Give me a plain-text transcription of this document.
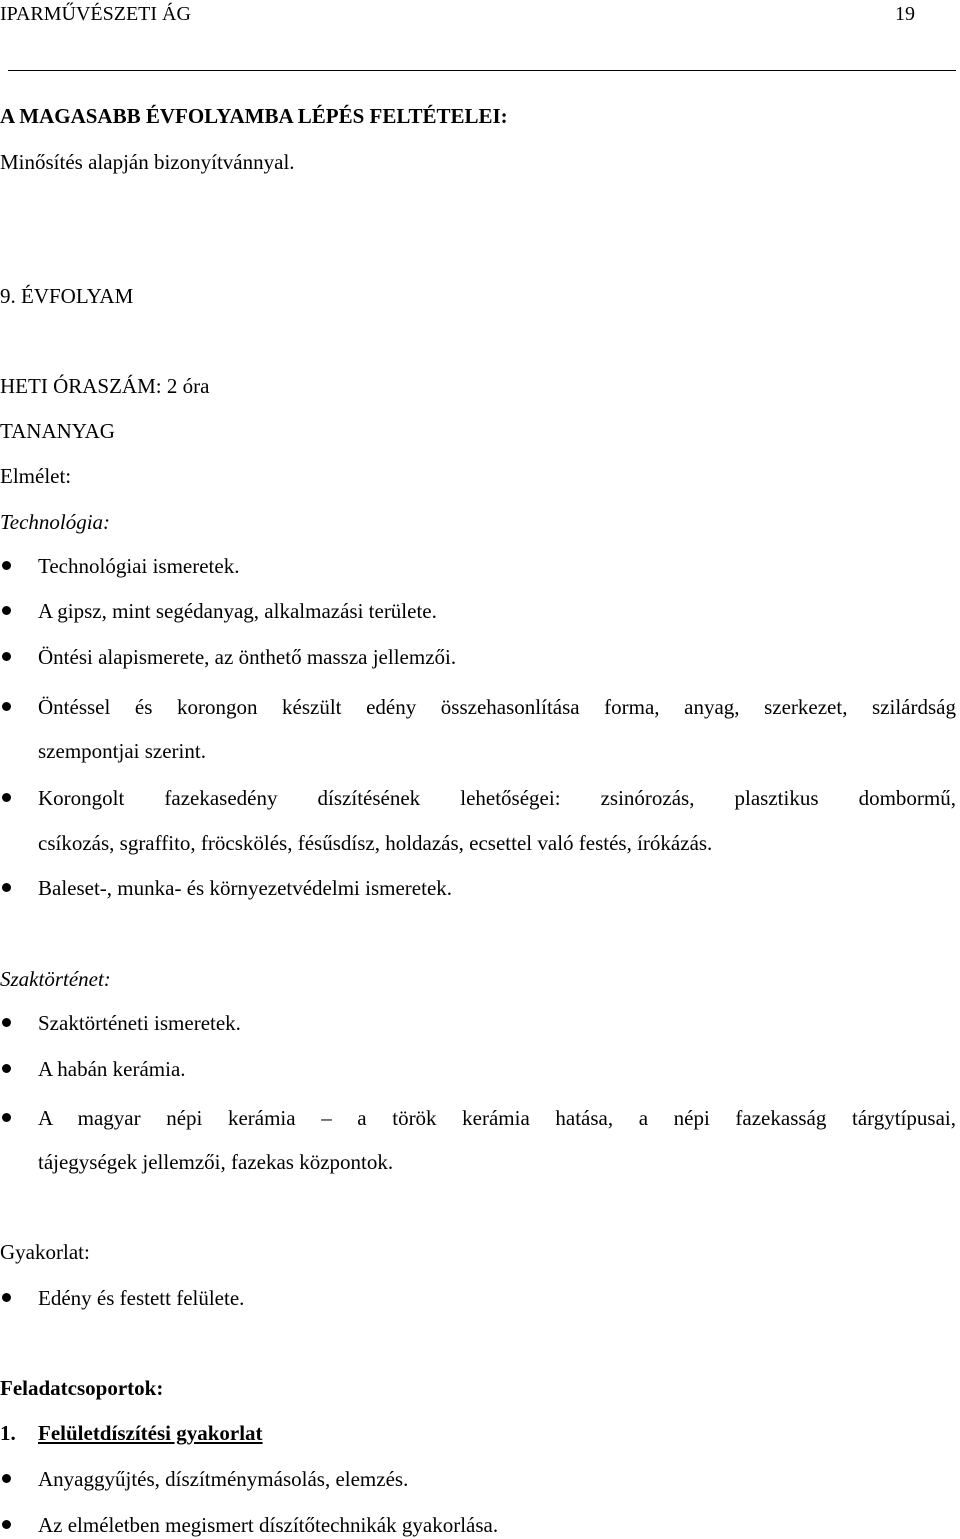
IPARMŰVÉSZETI ÁG	19
A MAGASABB ÉVFOLYAMBA LÉPÉS FELTÉTELEI:
Minősítés alapján bizonyítvánnyal.
9. ÉVFOLYAM
HETI ÓRASZÁM: 2 óra
TANANYAG
Elmélet:
Technológia:
Technológiai ismeretek.
A gipsz, mint segédanyag, alkalmazási területe.
Öntési alapismerete, az önthető massza jellemzői.
Öntéssel és korongon készült edény összehasonlítása forma, anyag, szerkezet, szilárdság
szempontjai szerint.
Korongolt fazekasedény díszítésének lehetőségei: zsinórozás, plasztikus dombormű,
csíkozás, sgraffito, fröcskölés, fésűsdísz, holdazás, ecsettel való festés, írókázás.
Baleset-, munka- és környezetvédelmi ismeretek.
Szaktörténet:
Szaktörténeti ismeretek.
A habán kerámia.
A magyar népi kerámia – a török kerámia hatása, a népi fazekasság tárgytípusai,
tájegységek jellemzői, fazekas központok.
Gyakorlat:
Edény és festett felülete.
Feladatcsoportok:
1. Felületdíszítési gyakorlat
Anyaggyűjtés, díszítménymásolás, elemzés.
Az elméletben megismert díszítőtechnikák gyakorlása.
